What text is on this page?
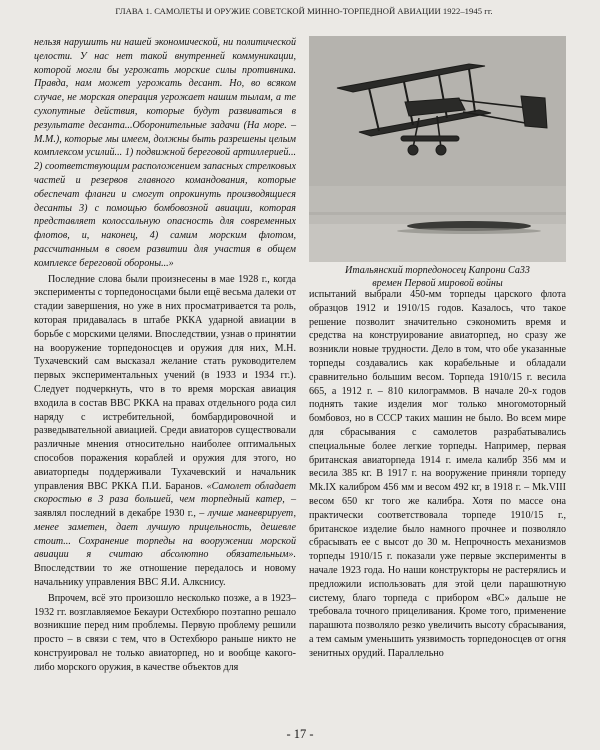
ГЛАВА 1. САМОЛЕТЫ И ОРУЖИЕ СОВЕТСКОЙ МИННО-ТОРПЕДНОЙ АВИАЦИИ 1922–1945 гг.

нельзя нарушить ни нашей экономической, ни политической целости. У нас нет такой внутренней коммуникации, которой могли бы угрожать морские силы противника. Правда, нам может угрожать десант. Но, во всяком случае, не морская операция угрожает нашим тылам, а те сухопутные действия, которые будут развиваться в результате десанта...Оборонительные задачи (На море. – М.М.), которые мы имеем, должны быть разрешены целым комплексом усилий... 1) подвижной береговой артиллерией... 2) соответствующим расположением запасных стрелковых частей и резервов главного командования, которые обеспечат фланги и смогут опрокинуть производящиеся десанты 3) с помощью бомбовозной авиации, которая представляет колоссальную опасность для современных флотов, и, наконец, 4) самим морским флотом, рассчитанным в своем развитии для участия в общем комплексе береговой обороны...»

Последние слова были произнесены в мае 1928 г., когда эксперименты с торпедоносцами были ещё весьма далеки от стадии завершения, но уже в них просматривается та роль, которая придавалась в штабе РККА ударной авиации в борьбе с морскими целями. Впоследствии, узнав о принятии на вооружение торпедоносцев и оружия для них, М.Н. Тухачевский сам высказал желание стать руководителем первых экспериментальных учений (в 1933 и 1934 гг.). Следует подчеркнуть, что в то время морская авиация входила в состав ВВС РККА на правах отдельного рода сил наряду с истребительной, бомбардировочной и разведывательной авиацией. Среди авиаторов существовали различные мнения относительно наиболее оптимальных способов поражения кораблей и оружия для этого, но авиаторпеды поддерживали Тухачевский и начальник управления ВВС РККА П.И. Баранов. «Самолет обладает скоростью в 3 раза большей, чем торпедный катер, – заявлял последний в декабре 1930 г., – лучше маневрирует, менее заметен, дает лучшую прицельность, дешевле стоит... Сохранение торпеды на вооружении морской авиации я считаю абсолютно обязательным». Впоследствии то же отношение передалось и новому начальнику управления ВВС Я.И. Алкснису.

Впрочем, всё это произошло несколько позже, а в 1923–1932 гг. возглавляемое Бекаури Остехбюро поэтапно решало возникшие перед ним проблемы. Первую проблему решили просто – в связи с тем, что в Остехбюро раньше никто не конструировал не только авиаторпед, но и вообще какого-либо морского оружия, в качестве объектов для

Итальянский торпедоносец Капрони Са33
времен Первой мировой войны

испытаний выбрали 450-мм торпеды царского флота образцов 1912 и 1910/15 годов. Казалось, что такое решение позволит значительно сэкономить время и средства на конструирование авиаторпед, но сразу же возникли новые трудности. Дело в том, что обе указанные торпеды создавались как корабельные и обладали сравнительно большим весом. Торпеда 1910/15 г. весила 665, а 1912 г. – 810 килограммов. В начале 20-х годов поднять такие изделия мог только многомоторный бомбовоз, но в СССР таких машин не было. Во всем мире для сбрасывания с самолетов разрабатывались специальные более легкие торпеды. Например, первая британская авиаторпеда 1914 г. имела калибр 356 мм и весила 385 кг. В 1917 г. на вооружение приняли торпеду Mk.IX калибром 456 мм и весом 492 кг, в 1918 г. – Mk.VIII весом 650 кг того же калибра. Хотя по массе она практически соответствовала торпеде 1910/15 г., британское изделие было намного прочнее и позволяло сбрасывать ее с высот до 30 м. Непрочность механизмов торпеды 1910/15 г. показали уже первые эксперименты в начале 1923 года. Но наши конструкторы не растерялись и предложили использовать для этой цели парашютную систему, благо торпеда с прибором «ВС» дальше не требовала точного прицеливания. Кроме того, применение парашюта позволяло резко увеличить высоту сбрасывания, а тем самым уменьшить уязвимость торпедоносцев от огня зенитных орудий. Параллельно

- 17 -
